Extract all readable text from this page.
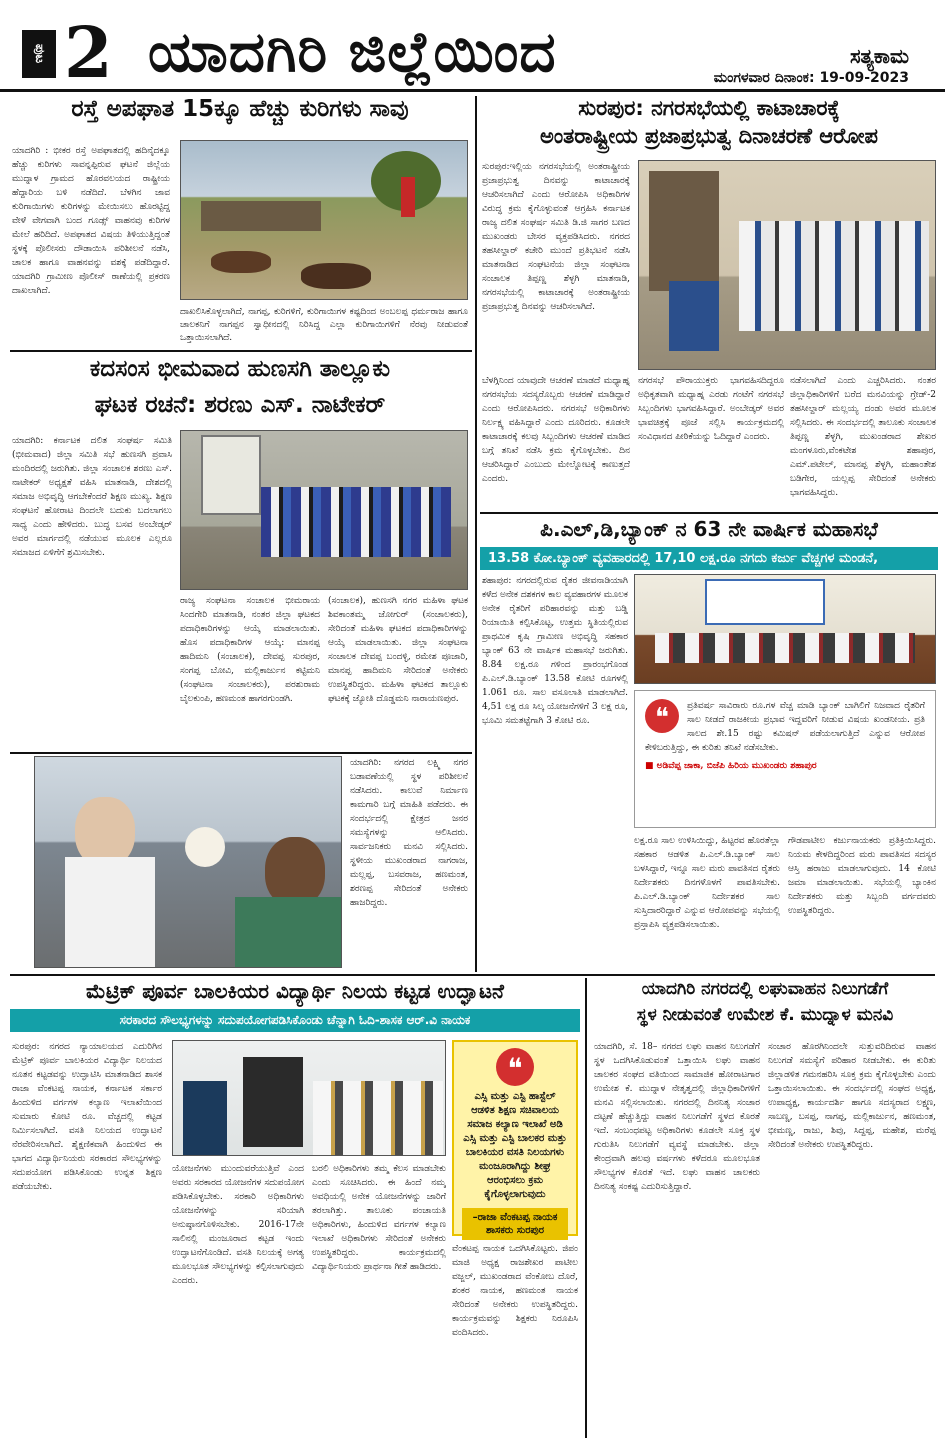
ಪುಟ 2 ಯಾದಗಿರಿ ಜಿಲ್ಲೆಯಿಂದ	ಸತ್ಯಕಾಮ
ಮಂಗಳವಾರ ದಿನಾಂಕ: 19-09-2023
ರಸ್ತೆ ಅಪಘಾತ 15ಕ್ಕೂ ಹೆಚ್ಚು ಕುರಿಗಳು ಸಾವು

ಯಾದಗಿರಿ : ಭೀಕರ ರಸ್ತೆ ಅಪಘಾತದಲ್ಲಿ ಹದಿನೈದಕ್ಕೂ ಹೆಚ್ಚು ಕುರಿಗಳು ಸಾವನ್ನಪ್ಪಿರುವ ಘಟನೆ ಜಿಲ್ಲೆಯ ಮುದ್ನಾಳ ಗ್ರಾಮದ ಹೊರವಲಯದ ರಾಷ್ಟ್ರೀಯ ಹೆದ್ದಾರಿಯ ಬಳಿ ನಡೆದಿದೆ. ಬೆಳಗಿನ ಜಾವ ಕುರಿಗಾಯಿಗಳು ಕುರಿಗಳನ್ನು ಮೇಯಿಸಲು ಹೊರಟ್ಟಿದ್ದ ವೇಳೆ ವೇಗವಾಗಿ ಬಂದ ಗೂಡ್ಸ್ ವಾಹನವು ಕುರಿಗಳ ಮೇಲೆ ಹರಿದಿದೆ. ಅಪಘಾತದ ವಿಷಯ ತಿಳಿಯುತ್ತಿದ್ದಂತೆ ಸ್ಥಳಕ್ಕೆ ಪೊಲೀಸರು ದೌಡಾಯಿಸಿ ಪರಿಶೀಲನೆ ನಡೆಸಿ, ಚಾಲಕ ಹಾಗೂ ವಾಹನವನ್ನು ವಶಕ್ಕೆ ಪಡೆದಿದ್ದಾರೆ. ಯಾದಗಿರಿ ಗ್ರಾಮೀಣ ಪೊಲೀಸ್ ಠಾಣೆಯಲ್ಲಿ ಪ್ರಕರಣ ದಾಖಲಾಗಿದೆ.

ದಾಖಲಿಸಿಕೊಳ್ಳಲಾಗಿದೆ, ನಾಗಪ್ಪ, ಕುರಿಗಳಿಗೆ, ಕುರಿಗಾಯಿಗಳ ಕಷ್ಟದಿಂದ ಅಂಬಲಪ್ಪ ಧರ್ಮರಾಜ ಹಾಗೂ ಚಾಲಕನಿಗೆ ನಾಗಪ್ಪನ ಸ್ವಾಧೀನದಲ್ಲಿ ನಿರಿಸಿದ್ದ ಎಲ್ಲಾ ಕುರಿಗಾಯಿಗಳಿಗೆ ನೆರವು ನೀಡುವಂತೆ ಒತ್ತಾಯಿಸಲಾಗಿದೆ.
ಸುರಪುರ: ನಗರಸಭೆಯಲ್ಲಿ ಕಾಟಾಚಾರಕ್ಕೆ
ಅಂತರಾಷ್ಟ್ರೀಯ ಪ್ರಜಾಪ್ರಭುತ್ವ ದಿನಾಚರಣೆ ಆರೋಪ

ಸುರಪುರ:ಇಲ್ಲಿಯ ನಗರಸಭೆಯಲ್ಲಿ ಅಂತರಾಷ್ಟ್ರೀಯ ಪ್ರಜಾಪ್ರಭುತ್ವ ದಿನವನ್ನು ಕಾಟಾಚಾರಕ್ಕೆ ಆಚರಿಸಲಾಗಿದೆ ಎಂದು ಆರೋಪಿಸಿ ಅಧಿಕಾರಿಗಳ ವಿರುದ್ಧ ಕ್ರಮ ಕೈಗೊಳ್ಳುವಂತೆ ಆಗ್ರಹಿಸಿ ಕರ್ನಾಟಕ ರಾಜ್ಯ ದಲಿತ ಸಂಘರ್ಷ ಸಮಿತಿ ಡಿ.ಜಿ ಸಾಗರ ಬಣದ ಮುಖಂಡರು ಬೇಸರ ವ್ಯಕ್ತಪಡಿಸಿದರು. ನಗರದ ತಹಸೀಲ್ದಾರ್ ಕಚೇರಿ ಮುಂದೆ ಪ್ರತಿಭಟನೆ ನಡೆಸಿ ಮಾತನಾಡಿದ ಸಂಘಟನೆಯ ಜಿಲ್ಲಾ ಸಂಘಟನಾ ಸಂಚಾಲಕ ತಿಪ್ಪಣ್ಣ ಶೆಳ್ಳಗಿ ಮಾತನಾಡಿ, ನಗರಸಭೆಯಲ್ಲಿ ಕಾಟಾಚಾರಕ್ಕೆ ಅಂತರಾಷ್ಟ್ರೀಯ ಪ್ರಜಾಪ್ರಭುತ್ವ ದಿನವನ್ನು ಆಚರಿಸಲಾಗಿದೆ.

ಬೆಳಗ್ಗಿನಿಂದ ಯಾವುದೇ ಆಚರಣೆ ಮಾಡದೆ ಮಧ್ಯಾಹ್ನ ನಗರಸಭೆಯ ಸದಸ್ಯರೊಬ್ಬರು ಆಚರಣೆ ಮಾಡಿದ್ದಾರೆ ಎಂದು ಆರೋಪಿಸಿದರು. ನಗರಸಭೆ ಅಧಿಕಾರಿಗಳು ನಿರ್ಲಕ್ಷ್ಯ ವಹಿಸಿದ್ದಾರೆ ಎಂದು ದೂರಿದರು. ಕೂಡಲೇ ಕಾಟಾಚಾರಕ್ಕೆ ಕಲವು ಸಿಬ್ಬಂದಿಗಳು ಆಚರಣೆ ಮಾಡಿದ ಬಗ್ಗೆ ತನಿಖೆ ನಡೆಸಿ ಕ್ರಮ ಕೈಗೊಳ್ಳಬೇಕು. ದಿನ ಆಚರಿಸಿದ್ದಾರೆ ಎಂಬುದು ಮೇಲ್ನೋಟಕ್ಕೆ ಕಾಣುತ್ತದೆ ಎಂದರು.

ನಗರಸಭೆ ಪೌರಾಯುಕ್ತರು ಭಾಗವಹಿಸದಿದ್ದರೂ ಅಧಿಕೃತವಾಗಿ ಮಧ್ಯಾಹ್ನ ಎರಡು ಗಂಟೆಗೆ ನಗರಸಭೆ ಸಿಬ್ಬಂದಿಗಳು ಭಾಗವಹಿಸಿದ್ದಾರೆ. ಅಂಬೇಡ್ಕರ್ ಅವರ ಭಾವಚಿತ್ರಕ್ಕೆ ಪೂಜೆ ಸಲ್ಲಿಸಿ ಕಾರ್ಯಕ್ರಮದಲ್ಲಿ ಸಂವಿಧಾನದ ಪೀಠಿಕೆಯನ್ನು ಓದಿದ್ದಾರೆ ಎಂದರು.

ನಡೆಸಲಾಗಿದೆ ಎಂದು ಎಚ್ಚರಿಸಿದರು. ನಂತರ ಜಿಲ್ಲಾಧಿಕಾರಿಗಳಿಗೆ ಬರೆದ ಮನವಿಯನ್ನು ಗ್ರೇಡ್-2 ತಹಸೀಲ್ದಾರ್ ಮಲ್ಲಯ್ಯ ದಂಡು ಅವರ ಮೂಲಕ ಸಲ್ಲಿಸಿದರು. ಈ ಸಂದರ್ಭದಲ್ಲಿ ತಾಲೂಕು ಸಂಚಾಲಕ ತಿಪ್ಪಣ್ಣ ಶೆಳ್ಳಗಿ, ಮುಖಂಡರಾದ ಶೇಖರ ಮಂಗಳೂರು,ವೆಂಕಟೇಶ ಶಹಾಪುರ, ಎಮ್.ಪಟೇಲ್, ಮಾನಪ್ಪ ಶೆಳ್ಳಗಿ, ಮಹಾಂತೇಶ ಬಡಿಗೇರ, ಯಲ್ಲಪ್ಪ ಸೇರಿದಂತೆ ಅನೇಕರು ಭಾಗವಹಿಸಿದ್ದರು.

ಕದಸಂಸ ಭೀಮವಾದ ಹುಣಸಗಿ ತಾಲ್ಲೂಕು
ಘಟಕ ರಚನೆ: ಶರಣು ಎಸ್. ನಾಟೇಕರ್

ಯಾದಗಿರಿ: ಕರ್ನಾಟಕ ದಲಿತ ಸಂಘರ್ಷ ಸಮಿತಿ (ಭೀಮವಾದ) ಜಿಲ್ಲಾ ಸಮಿತಿ ಸಭೆ ಹುಣಸಗಿ ಪ್ರವಾಸಿ ಮಂದಿರದಲ್ಲಿ ಜರುಗಿತು. ಜಿಲ್ಲಾ ಸಂಚಾಲಕ ಶರಣು ಎಸ್. ನಾಟೇಕರ್ ಅಧ್ಯಕ್ಷತೆ ವಹಿಸಿ ಮಾತನಾಡಿ, ದೇಶದಲ್ಲಿ ಸಮಾಜ ಅಭಿವೃದ್ಧಿ ಆಗಬೇಕೆಂದರೆ ಶಿಕ್ಷಣ ಮುಖ್ಯ. ಶಿಕ್ಷಣ ಸಂಘಟನೆ ಹೋರಾಟ ದಿಂದಲೇ ಬದುಕು ಬದಲಾಗಲು ಸಾಧ್ಯ ಎಂದು ಹೇಳಿದರು. ಬುದ್ಧ ಬಸವ ಅಂಬೇಡ್ಕರ್ ಅವರ ಮಾರ್ಗದಲ್ಲಿ ನಡೆಯುವ ಮೂಲಕ ಎಲ್ಲರೂ ಸಮಾಜದ ಏಳಿಗೆಗೆ ಶ್ರಮಿಸಬೇಕು.

ರಾಜ್ಯ ಸಂಘಟನಾ ಸಂಚಾಲಕ ಭೀಮರಾಯ ಸಿಂದಗೇರಿ ಮಾತನಾಡಿ, ನಂತರ ಜಿಲ್ಲಾ ಘಟಕದ ಪದಾಧಿಕಾರಿಗಳನ್ನು ಆಯ್ಕೆ ಮಾಡಲಾಯಿತು. ಹೊಸ ಪದಾಧಿಕಾರಿಗಳ ಆಯ್ಕೆ: ಮಾನಪ್ಪ ಹಾದಿಮನಿ (ಸಂಚಾಲಕ), ದೇವಪ್ಪ ಸುರಪುರ, ಸಂಗಪ್ಪ ಬೋವಿ, ಮಲ್ಲಿಕಾರ್ಜುನ ಕಟ್ಟಿಮನಿ (ಸಂಘಟನಾ ಸಂಚಾಲಕರು), ಪರಶುರಾಮ ಬೈಲಕುಂಪಿ, ಹಣಮಂತ ಹಾಗರಗುಂಡಗಿ.

(ಸಂಚಾಲಕ), ಹುಣಸಗಿ ನಗರ ಮಹಿಳಾ ಘಟಕ ಶಿವಕಾಂತಮ್ಮ ಜೋಗುರ್ (ಸಂಚಾಲಕರು), ಸೇರಿದಂತೆ ಮಹಿಳಾ ಘಟಕದ ಪದಾಧಿಕಾರಿಗಳನ್ನು ಆಯ್ಕೆ ಮಾಡಲಾಯಿತು. ಜಿಲ್ಲಾ ಸಂಘಟನಾ ಸಂಚಾಲಕ ದೇವಪ್ಪ ಬಂದಳ್ಳಿ, ರಮೇಶ ಪೂಜಾರಿ, ಮಾನಪ್ಪ ಹಾದಿಮನಿ ಸೇರಿದಂತೆ ಅನೇಕರು ಉಪಸ್ಥಿತರಿದ್ದರು. ಮಹಿಳಾ ಘಟಕದ ತಾಲ್ಲೂಕು ಘಟಕಕ್ಕೆ ಜ್ಯೋತಿ ದೊಡ್ಡಮನಿ ನಾರಾಯಣಪುರ.

ಪಿ.ಎಲ್,ಡಿ,ಬ್ಯಾಂಕ್ ನ 63 ನೇ ವಾರ್ಷಿಕ ಮಹಾಸಭೆ
13.58 ಕೋ.ಬ್ಯಾಂಕ್ ವ್ಯವಹಾರದಲ್ಲಿ 17,10 ಲಕ್ಷ.ರೂ ನಗದು ಕರ್ಜು ವೆಚ್ಚಗಳ ಮಂಡನೆ,

ಶಹಾಪುರ: ನಗರದಲ್ಲಿರುವ ರೈತರ ಜೀವನಾಡಿಯಾಗಿ ಕಳೆದ ಅನೇಕ ದಶಕಗಳ ಕಾಲ ವ್ಯವಹಾರಗಳ ಮೂಲಕ ಅನೇಕ ರೈತರಿಗೆ ಪರಿಹಾರವನ್ನು ಮತ್ತು ಬಡ್ಡಿ ರಿಯಾಯಿತಿ ಕಲ್ಪಿಸಿಕೊಟ್ಟ, ಉತ್ತಮ ಸ್ಥಿತಿಯಲ್ಲಿರುವ ಪ್ರಾಥಮಿಕ ಕೃಷಿ ಗ್ರಾಮೀಣ ಅಭಿವೃದ್ಧಿ ಸಹಕಾರ ಬ್ಯಾಂಕ್ 63 ನೇ ವಾರ್ಷಿಕ ಮಹಾಸಭೆ ಜರುಗಿತು. 8.84 ಲಕ್ಷ.ರೂ ಗಳಿಂದ ಪ್ರಾರಂಭಗೊಂಡ ಪಿ.ಎಲ್.ಡಿ.ಬ್ಯಾಂಕ್ 13.58 ಕೋಟಿ ರೂಗಳಲ್ಲಿ 1.061 ರೂ. ಸಾಲ ವಸೂಲಾತಿ ಮಾಡಲಾಗಿದೆ. 4,51 ಲಕ್ಷ ರೂ ಸಿಲ್ಕ ಯೋಜನೆಗಳಿಗೆ 3 ಲಕ್ಷ ರೂ, ಭೂಮಿ ಸಮತಟ್ಟೆಗಾಗಿ 3 ಕೋಟಿ ರೂ.	❝	ಪ್ರತಿವರ್ಷ ಸಾವಿರಾರು ರೂ.ಗಳ ವೆಚ್ಚ ಮಾಡಿ ಬ್ಯಾಂಕ್ ಬಾಗಿಲಿಗೆ ನಿಜವಾದ ರೈತರಿಗೆ ಸಾಲ ನೀಡದೆ ರಾಜಕೀಯ ಪ್ರಭಾವ ಇದ್ದವರಿಗೆ ನೀಡುವ ವಿಷಯ ಖಂಡನೀಯ. ಪ್ರತಿ ಸಾಲದ ಶೇ.15 ರಷ್ಟು ಕಮಿಷನ್ ಪಡೆಯಲಾಗುತ್ತಿದೆ ಎನ್ನುವ ಆರೋಪ ಕೇಳಿಬರುತ್ತಿದ್ದು, ಈ ಕುರಿತು ತನಿಖೆ ನಡೆಸಬೇಕು.
■ ಅಡಿವೆಪ್ಪ ಜಾಕಾ, ಬಿಜೆಪಿ ಹಿರಿಯ ಮುಖಂಡರು ಶಹಾಪುರ

ಲಕ್ಷ.ರೂ ಸಾಲ ಉಳಿಸಿಯಿದ್ದು, ಹಿಟ್ಟರವ ಹೊರತೆಲ್ಲಾ ಸಹಕಾರ ಆಡಳಿತ ಪಿ.ಎಲ್.ಡಿ.ಬ್ಯಾಂಕ್ ಸಾಲ ಬಳಸಿದ್ದಾರೆ, ಇನ್ನೂ ಸಾಲ ಮರು ಪಾವತಿಸದ ರೈತರು ನಿರ್ದೇಶಕರು ದಿನಗಳೊಳಗೆ ಪಾವತಿಸಬೇಕು. ಪಿ.ಎಲ್.ಡಿ.ಬ್ಯಾಂಕ್ ನಿರ್ದೇಶಕರ ಸಾಲ ಸುಸ್ತಿದಾರರಿದ್ದಾರೆ ಎನ್ನುವ ಆರೋಪವನ್ನು ಸಭೆಯಲ್ಲಿ ಪ್ರಸ್ತಾಪಿಸಿ ವ್ಯಕ್ತಪಡಿಸಲಾಯಿತು.

ಗೌಡಪಾಟೀಲ ಕರ್ಜುನಾಯಕರು ಪ್ರತಿಕ್ರಿಯಿಸಿದ್ದರು. ನಿಯಮ ಕೇಳದಿದ್ದರಿಂದ ಮರು ಪಾವತಿಸದ ಸದಸ್ಯರ ಆಸ್ತಿ ಹರಾಜು ಮಾಡಲಾಗುವುದು. 14 ಕೋಟಿ ಜಮಾ ಮಾಡಲಾಯಿತು. ಸಭೆಯಲ್ಲಿ ಬ್ಯಾಂಕಿನ ನಿರ್ದೇಶಕರು ಮತ್ತು ಸಿಬ್ಬಂದಿ ವರ್ಗದವರು ಉಪಸ್ಥಿತರಿದ್ದರು.

ಯಾದಗಿರಿ: ನಗರದ ಲಕ್ಷ್ಮಿ ನಗರ ಬಡಾವಣೆಯಲ್ಲಿ ಸ್ಥಳ ಪರಿಶೀಲನೆ ನಡೆಸಿದರು. ಕಾಲುವೆ ನಿರ್ಮಾಣ ಕಾಮಗಾರಿ ಬಗ್ಗೆ ಮಾಹಿತಿ ಪಡೆದರು. ಈ ಸಂದರ್ಭದಲ್ಲಿ ಕ್ಷೇತ್ರದ ಜನರ ಸಮಸ್ಯೆಗಳನ್ನು ಆಲಿಸಿದರು. ಸಾರ್ವಜನಿಕರು ಮನವಿ ಸಲ್ಲಿಸಿದರು. ಸ್ಥಳೀಯ ಮುಖಂಡರಾದ ನಾಗರಾಜ, ಮಲ್ಲಪ್ಪ, ಬಸವರಾಜ, ಹಣಮಂತ, ಶರಣಪ್ಪ ಸೇರಿದಂತೆ ಅನೇಕರು ಹಾಜರಿದ್ದರು.

ಮೆಟ್ರಿಕ್ ಪೂರ್ವ ಬಾಲಕಿಯರ ವಿದ್ಯಾರ್ಥಿ ನಿಲಯ ಕಟ್ಟಡ ಉದ್ಘಾಟನೆ
ಸರಕಾರದ ಸೌಲಭ್ಯಗಳನ್ನು ಸದುಪಯೋಗಪಡಿಸಿಕೊಂಡು ಚೆನ್ನಾಗಿ ಓದಿ-ಶಾಸಕ ಆರ್.ವಿ ನಾಯಕ

ಸುರಪುರ: ನಗರದ ನ್ಯಾಯಾಲಯದ ಎದುರಿಗಿನ ಮೆಟ್ರಿಕ್ ಪೂರ್ವ ಬಾಲಕಿಯರ ವಿದ್ಯಾರ್ಥಿ ನಿಲಯದ ನೂತನ ಕಟ್ಟಡವನ್ನು ಉದ್ಘಾಟಿಸಿ ಮಾತನಾಡಿದ ಶಾಸಕ ರಾಜಾ ವೆಂಕಟಪ್ಪ ನಾಯಕ, ಕರ್ನಾಟಕ ಸರ್ಕಾರ ಹಿಂದುಳಿದ ವರ್ಗಗಳ ಕಲ್ಯಾಣ ಇಲಾಖೆಯಿಂದ ಸುಮಾರು ಕೋಟಿ ರೂ. ವೆಚ್ಚದಲ್ಲಿ ಕಟ್ಟಡ ನಿರ್ಮಿಸಲಾಗಿದೆ. ವಸತಿ ನಿಲಯದ ಉದ್ಘಾಟನೆ ನೆರವೇರಿಸಲಾಗಿದೆ. ಶೈಕ್ಷಣಿಕವಾಗಿ ಹಿಂದುಳಿದ ಈ ಭಾಗದ ವಿದ್ಯಾರ್ಥಿನಿಯರು ಸರಕಾರದ ಸೌಲಭ್ಯಗಳನ್ನು ಸದುಪಯೋಗ ಪಡಿಸಿಕೊಂಡು ಉನ್ನತ ಶಿಕ್ಷಣ ಪಡೆಯಬೇಕು.

❝
ಎಸ್ಸಿ ಮತ್ತು ಎಸ್ಟಿ ಹಾಸ್ಟೆಲ್ ಆಡಳಿತ ಶಿಕ್ಷಣ ಸಚಿವಾಲಯ ಸಮಾಜ ಕಲ್ಯಾಣ ಇಲಾಖೆ ಅಡಿ ಎಸ್ಸಿ ಮತ್ತು ಎಸ್ಟಿ ಬಾಲಕರ ಮತ್ತು ಬಾಲಕಿಯರ ವಸತಿ ನಿಲಯಗಳು ಮಂಜೂರಾಗಿದ್ದು ಶೀಘ್ರ ಆರಂಭಿಸಲು ಕ್ರಮ ಕೈಗೊಳ್ಳಲಾಗುವುದು
–ರಾಜಾ ವೆಂಕಟಪ್ಪ ನಾಯಕ ಶಾಸಕರು ಸುರಪುರ

ಯೋಜನೆಗಳು ಮುಂದುವರೆಯುತ್ತಿವೆ ಎಂದ ಅವರು ಸರಕಾರದ ಯೋಜನೆಗಳ ಸದುಪಯೋಗ ಪಡಿಸಿಕೊಳ್ಳಬೇಕು. ಸರಕಾರಿ ಅಧಿಕಾರಿಗಳು ಯೋಜನೆಗಳನ್ನು ಸರಿಯಾಗಿ ಅನುಷ್ಠಾನಗೊಳಿಸಬೇಕು. 2016-17ನೇ ಸಾಲಿನಲ್ಲಿ ಮಂಜೂರಾದ ಕಟ್ಟಡ ಇಂದು ಉದ್ಘಾಟನೆಗೊಂಡಿದೆ. ವಸತಿ ನಿಲಯಕ್ಕೆ ಅಗತ್ಯ ಮೂಲಭೂತ ಸೌಲಭ್ಯಗಳನ್ನು ಕಲ್ಪಿಸಲಾಗುವುದು ಎಂದರು.

ಬರಲಿ ಅಧಿಕಾರಿಗಳು ತಮ್ಮ ಕೆಲಸ ಮಾಡಬೇಕು ಎಂದು ಸೂಚಿಸಿದರು. ಈ ಹಿಂದೆ ನಮ್ಮ ಅವಧಿಯಲ್ಲಿ ಅನೇಕ ಯೋಜನೆಗಳನ್ನು ಜಾರಿಗೆ ತರಲಾಗಿತ್ತು. ತಾಲೂಕು ಪಂಚಾಯತಿ ಅಧಿಕಾರಿಗಳು, ಹಿಂದುಳಿದ ವರ್ಗಗಳ ಕಲ್ಯಾಣ ಇಲಾಖೆ ಅಧಿಕಾರಿಗಳು ಸೇರಿದಂತೆ ಅನೇಕರು ಉಪಸ್ಥಿತರಿದ್ದರು. ಕಾರ್ಯಕ್ರಮದಲ್ಲಿ ವಿದ್ಯಾರ್ಥಿನಿಯರು ಪ್ರಾರ್ಥನಾ ಗೀತೆ ಹಾಡಿದರು.

ವೆಂಕಟಪ್ಪ ನಾಯಕ ಒದಗಿಸಿಕೊಟ್ಟರು. ಜಿಪಂ ಮಾಜಿ ಅಧ್ಯಕ್ಷ ರಾಜಶೇಖರ ಪಾಟೀಲ ವಜ್ಜಲ್, ಮುಖಂಡರಾದ ವೆಂಕೋಬ ದೊರೆ, ಶಂಕರ ನಾಯಕ, ಹಣಮಂತ ನಾಯಕ ಸೇರಿದಂತೆ ಅನೇಕರು ಉಪಸ್ಥಿತರಿದ್ದರು. ಕಾರ್ಯಕ್ರಮವನ್ನು ಶಿಕ್ಷಕರು ನಿರೂಪಿಸಿ ವಂದಿಸಿದರು.

ಯಾದಗಿರಿ ನಗರದಲ್ಲಿ ಲಘುವಾಹನ ನಿಲುಗಡೆಗೆ
ಸ್ಥಳ ನೀಡುವಂತೆ ಉಮೇಶ ಕೆ. ಮುದ್ನಾಳ ಮನವಿ

ಯಾದಗಿರಿ, ಸೆ. 18– ನಗರದ ಲಘು ವಾಹನ ನಿಲುಗಡೆಗೆ ಸ್ಥಳ ಒದಗಿಸಿಕೊಡುವಂತೆ ಒತ್ತಾಯಿಸಿ ಲಘು ವಾಹನ ಚಾಲಕರ ಸಂಘದ ವತಿಯಿಂದ ಸಾಮಾಜಿಕ ಹೋರಾಟಗಾರ ಉಮೇಶ ಕೆ. ಮುದ್ನಾಳ ನೇತೃತ್ವದಲ್ಲಿ ಜಿಲ್ಲಾಧಿಕಾರಿಗಳಿಗೆ ಮನವಿ ಸಲ್ಲಿಸಲಾಯಿತು. ನಗರದಲ್ಲಿ ದಿನನಿತ್ಯ ಸಂಚಾರ ದಟ್ಟಣೆ ಹೆಚ್ಚುತ್ತಿದ್ದು ವಾಹನ ನಿಲುಗಡೆಗೆ ಸ್ಥಳದ ಕೊರತೆ ಇದೆ. ಸಂಬಂಧಪಟ್ಟ ಅಧಿಕಾರಿಗಳು ಕೂಡಲೇ ಸೂಕ್ತ ಸ್ಥಳ ಗುರುತಿಸಿ ನಿಲುಗಡೆಗೆ ವ್ಯವಸ್ಥೆ ಮಾಡಬೇಕು. ಜಿಲ್ಲಾ ಕೇಂದ್ರವಾಗಿ ಹಲವು ವರ್ಷಗಳು ಕಳೆದರೂ ಮೂಲಭೂತ ಸೌಲಭ್ಯಗಳ ಕೊರತೆ ಇದೆ. ಲಘು ವಾಹನ ಚಾಲಕರು ದಿನನಿತ್ಯ ಸಂಕಷ್ಟ ಎದುರಿಸುತ್ತಿದ್ದಾರೆ.

ಸಂಚಾರ ಹೊರಗಿನಿಂದಲೇ ಸುತ್ತುವರಿದಿರುವ ವಾಹನ ನಿಲುಗಡೆ ಸಮಸ್ಯೆಗೆ ಪರಿಹಾರ ನೀಡಬೇಕು. ಈ ಕುರಿತು ಜಿಲ್ಲಾಡಳಿತ ಗಮನಹರಿಸಿ ಸೂಕ್ತ ಕ್ರಮ ಕೈಗೊಳ್ಳಬೇಕು ಎಂದು ಒತ್ತಾಯಿಸಲಾಯಿತು. ಈ ಸಂದರ್ಭದಲ್ಲಿ ಸಂಘದ ಅಧ್ಯಕ್ಷ, ಉಪಾಧ್ಯಕ್ಷ, ಕಾರ್ಯದರ್ಶಿ ಹಾಗೂ ಸದಸ್ಯರಾದ ಲಕ್ಷ್ಮಣ, ಸಾಬಣ್ಣ, ಬಸಪ್ಪ, ನಾಗಪ್ಪ, ಮಲ್ಲಿಕಾರ್ಜುನ, ಹಣಮಂತ, ಭೀಮಣ್ಣ, ರಾಜು, ಶಿವು, ಸಿದ್ದಪ್ಪ, ಮಹೇಶ, ಮರೆಪ್ಪ ಸೇರಿದಂತೆ ಅನೇಕರು ಉಪಸ್ಥಿತರಿದ್ದರು.
